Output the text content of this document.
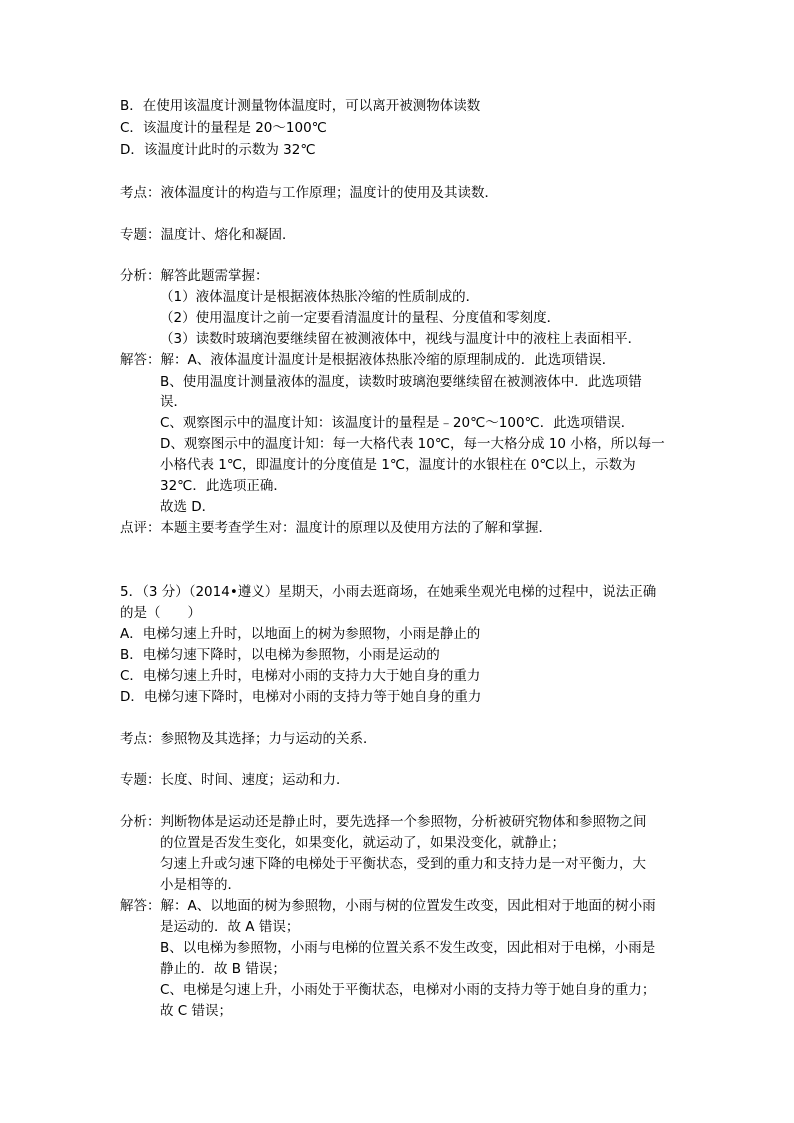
B．在使用该温度计测量物体温度时，可以离开被测物体读数
C．该温度计的量程是 20～100℃
D．该温度计此时的示数为 32℃
考点：液体温度计的构造与工作原理；温度计的使用及其读数．
专题：温度计、熔化和凝固．
分析：解答此题需掌握：
（1）液体温度计是根据液体热胀冷缩的性质制成的．
（2）使用温度计之前一定要看清温度计的量程、分度值和零刻度．
（3）读数时玻璃泡要继续留在被测液体中，视线与温度计中的液柱上表面相平．
解答：解：A、液体温度计温度计是根据液体热胀冷缩的原理制成的．此选项错误．
B、使用温度计测量液体的温度，读数时玻璃泡要继续留在被测液体中．此选项错
误．
C、观察图示中的温度计知：该温度计的量程是﹣20℃～100℃．此选项错误．
D、观察图示中的温度计知：每一大格代表 10℃，每一大格分成 10 小格，所以每一
小格代表 1℃，即温度计的分度值是 1℃，温度计的水银柱在 0℃以上，示数为
32℃．此选项正确．
故选 D．
点评：本题主要考查学生对：温度计的原理以及使用方法的了解和掌握．
5．（3 分）（2014•遵义）星期天，小雨去逛商场，在她乘坐观光电梯的过程中，说法正确
的是（　　）
A．电梯匀速上升时，以地面上的树为参照物，小雨是静止的
B．电梯匀速下降时，以电梯为参照物，小雨是运动的
C．电梯匀速上升时，电梯对小雨的支持力大于她自身的重力
D．电梯匀速下降时，电梯对小雨的支持力等于她自身的重力
考点：参照物及其选择；力与运动的关系．
专题：长度、时间、速度；运动和力．
分析：判断物体是运动还是静止时，要先选择一个参照物，分析被研究物体和参照物之间
的位置是否发生变化，如果变化，就运动了，如果没变化，就静止；
匀速上升或匀速下降的电梯处于平衡状态，受到的重力和支持力是一对平衡力，大
小是相等的．
解答：解：A、以地面的树为参照物，小雨与树的位置发生改变，因此相对于地面的树小雨
是运动的．故 A 错误；
B、以电梯为参照物，小雨与电梯的位置关系不发生改变，因此相对于电梯，小雨是
静止的．故 B 错误；
C、电梯是匀速上升，小雨处于平衡状态，电梯对小雨的支持力等于她自身的重力；
故 C 错误；
